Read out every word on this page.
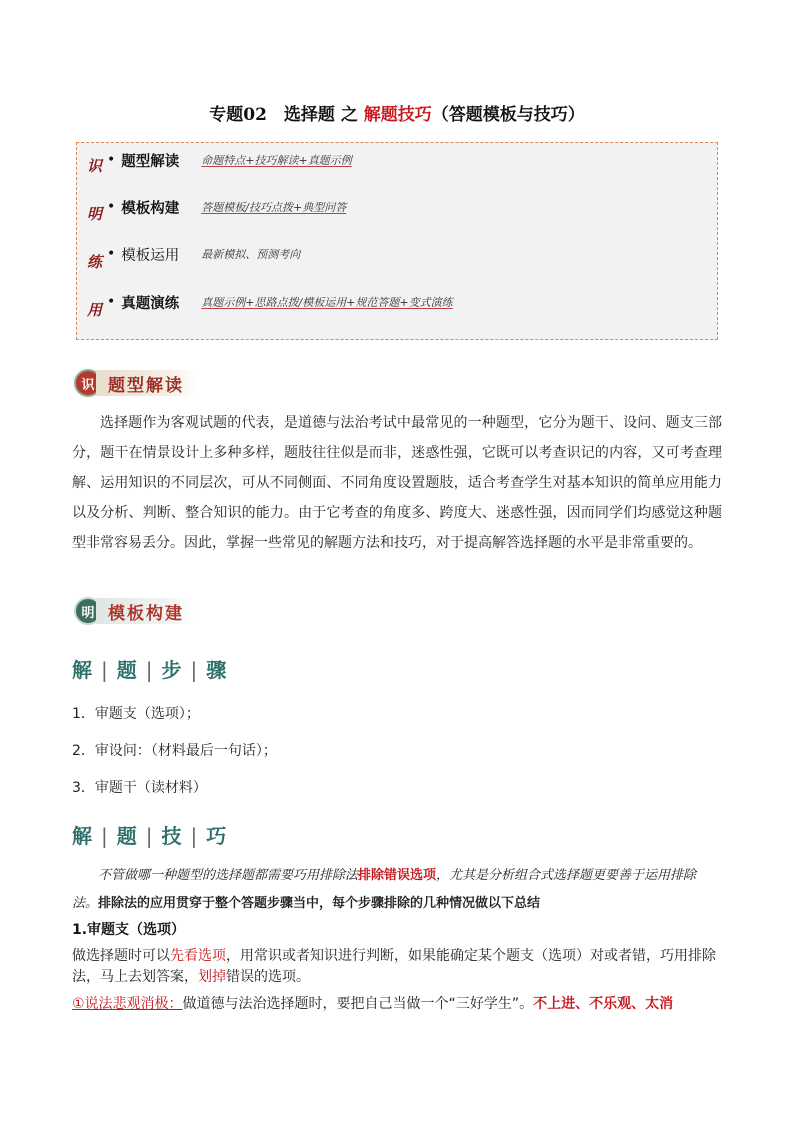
专题02　选择题 之 解题技巧（答题模板与技巧）
识
明
练
用
• 题型解读	命题特点+技巧解读+真题示例
• 模板构建	答题模板/技巧点拨+典型问答
• 模板运用	最新模拟、预测考向
• 真题演练	真题示例+思路点拨/模板运用+规范答题+变式演练
识 题型解读
选择题作为客观试题的代表，是道德与法治考试中最常见的一种题型，它分为题干、设问、题支三部分，题干在情景设计上多种多样，题肢往往似是而非，迷惑性强，它既可以考查识记的内容，又可考查理解、运用知识的不同层次，可从不同侧面、不同角度设置题肢，适合考查学生对基本知识的简单应用能力以及分析、判断、整合知识的能力。由于它考查的角度多、跨度大、迷惑性强，因而同学们均感觉这种题型非常容易丢分。因此，掌握一些常见的解题方法和技巧，对于提高解答选择题的水平是非常重要的。
明 模板构建
解 | 题 | 步 | 骤
1．审题支（选项）；
2．审设问：（材料最后一句话）；
3．审题干（读材料）
解 | 题 | 技 | 巧
不管做哪一种题型的选择题都需要巧用排除法排除错误选项，尤其是分析组合式选择题更要善于运用排除法。排除法的应用贯穿于整个答题步骤当中，每个步骤排除的几种情况做以下总结
1.审题支（选项）
做选择题时可以先看选项，用常识或者知识进行判断，如果能确定某个题支（选项）对或者错，巧用排除法，马上去划答案，划掉错误的选项。
①说法悲观消极：做道德与法治选择题时，要把自己当做一个“三好学生”。不上进、不乐观、太消
